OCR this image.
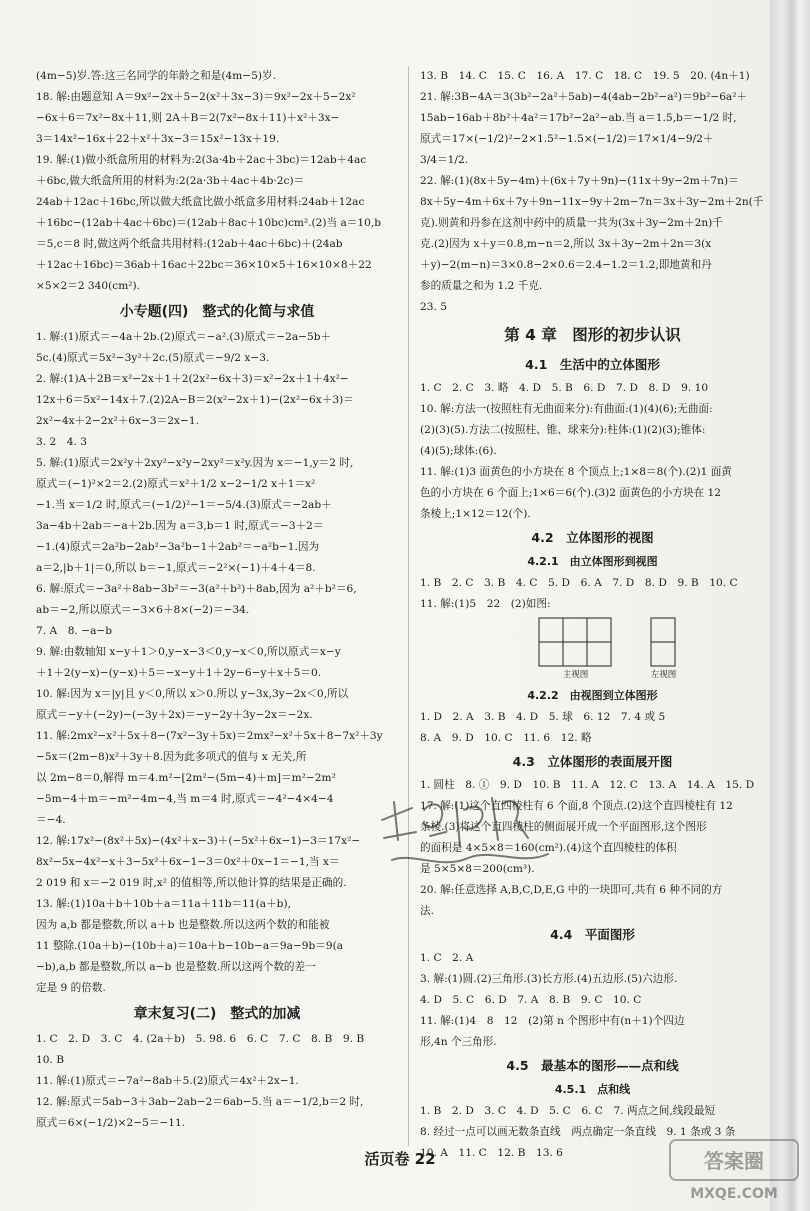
(4m−5)岁.答:这三名同学的年龄之和是(4m−5)岁.
18. 解:由题意知 A＝9x²−2x＋5−2(x²＋3x−3)＝9x²−2x＋5−2x²
−6x＋6＝7x²−8x＋11,则 2A＋B＝2(7x²−8x＋11)＋x²＋3x−
3＝14x²−16x＋22＋x²＋3x−3＝15x²−13x＋19.
19. 解:(1)做小纸盒所用的材料为:2(3a·4b＋2ac＋3bc)＝12ab＋4ac
＋6bc,做大纸盒所用的材料为:2(2a·3b＋4ac＋4b·2c)＝
24ab＋12ac＋16bc,所以做大纸盒比做小纸盒多用材料:24ab＋12ac
＋16bc−(12ab＋4ac＋6bc)＝(12ab＋8ac＋10bc)cm².(2)当 a＝10,b
＝5,c＝8 时,做这两个纸盒共用材料:(12ab＋4ac＋6bc)＋(24ab
＋12ac＋16bc)＝36ab＋16ac＋22bc＝36×10×5＋16×10×8＋22
×5×2＝2 340(cm²).
小专题(四)　整式的化简与求值
1. 解:(1)原式＝−4a＋2b.(2)原式＝−a².(3)原式＝−2a−5b＋
5c.(4)原式＝5x²−3y²＋2c.(5)原式＝−9/2 x−3.
2. 解:(1)A＋2B＝x²−2x＋1＋2(2x²−6x＋3)＝x²−2x＋1＋4x²−
12x＋6＝5x²−14x＋7.(2)2A−B＝2(x²−2x＋1)−(2x²−6x＋3)＝
2x²−4x＋2−2x²＋6x−3＝2x−1.
3. 2　4. 3
5. 解:(1)原式＝2x²y＋2xy²−x²y−2xy²＝x²y.因为 x＝−1,y＝2 时,
原式＝(−1)²×2＝2.(2)原式＝x²＋1/2 x−2−1/2 x＋1＝x²
−1.当 x＝1/2 时,原式＝(−1/2)²−1＝−5/4.(3)原式＝−2ab＋
3a−4b＋2ab＝−a＋2b.因为 a＝3,b＝1 时,原式＝−3＋2＝
−1.(4)原式＝2a²b−2ab²−3a²b−1＋2ab²＝−a²b−1.因为
a＝2,|b＋1|＝0,所以 b＝−1,原式＝−2²×(−1)＋4＋4＝8.
6. 解:原式＝−3a²＋8ab−3b²＝−3(a²＋b²)＋8ab,因为 a²＋b²＝6,
ab＝−2,所以原式＝−3×6＋8×(−2)＝−34.
7. A　8. −a−b
9. 解:由数轴知 x−y＋1＞0,y−x−3＜0,y−x＜0,所以原式＝x−y
＋1＋2(y−x)−(y−x)＋5＝−x−y＋1＋2y−6−y＋x＋5＝0.
10. 解:因为 x＝|y|且 y＜0,所以 x＞0.所以 y−3x,3y−2x＜0,所以
原式＝−y＋(−2y)−(−3y＋2x)＝−y−2y＋3y−2x＝−2x.
11. 解:2mx²−x²＋5x＋8−(7x²−3y＋5x)＝2mx²−x²＋5x＋8−7x²＋3y
−5x＝(2m−8)x²＋3y＋8.因为此多项式的值与 x 无关,所
以 2m−8＝0,解得 m＝4.m²−[2m²−(5m−4)＋m]＝m²−2m²
−5m−4＋m＝−m²−4m−4,当 m＝4 时,原式＝−4²−4×4−4
＝−4.
12. 解:17x²−(8x²＋5x)−(4x²＋x−3)＋(−5x²＋6x−1)−3＝17x²−
8x²−5x−4x²−x＋3−5x²＋6x−1−3＝0x²＋0x−1＝−1,当 x＝
2 019 和 x＝−2 019 时,x² 的值相等,所以他计算的结果是正确的.
13. 解:(1)10a＋b＋10b＋a＝11a＋11b＝11(a＋b),
因为 a,b 都是整数,所以 a＋b 也是整数.所以这两个数的和能被
11 整除.(10a＋b)−(10b＋a)＝10a＋b−10b−a＝9a−9b＝9(a
−b),a,b 都是整数,所以 a−b 也是整数.所以这两个数的差一
定是 9 的倍数.
章末复习(二)　整式的加减
1. C　2. D　3. C　4. (2a＋b)　5. 98. 6　6. C　7. C　8. B　9. B
10. B
11. 解:(1)原式＝−7a²−8ab＋5.(2)原式＝4x²＋2x−1.
12. 解:原式＝5ab−3＋3ab−2ab−2＝6ab−5.当 a＝−1/2,b＝2 时,
原式＝6×(−1/2)×2−5＝−11.
13. B　14. C　15. C　16. A　17. C　18. C　19. 5　20. (4n＋1)
21. 解:3B−4A＝3(3b²−2a²＋5ab)−4(4ab−2b²−a²)＝9b²−6a²＋
15ab−16ab＋8b²＋4a²＝17b²−2a²−ab.当 a＝1.5,b＝−1/2 时,
原式＝17×(−1/2)²−2×1.5²−1.5×(−1/2)＝17×1/4−9/2＋
3/4＝1/2.
22. 解:(1)(8x＋5y−4m)＋(6x＋7y＋9n)−(11x＋9y−2m＋7n)＝
8x＋5y−4m＋6x＋7y＋9n−11x−9y＋2m−7n＝3x＋3y−2m＋2n(千
克).则黄和丹参在这剂中药中的质量一共为(3x＋3y−2m＋2n)千
克.(2)因为 x＋y＝0.8,m−n＝2,所以 3x＋3y−2m＋2n＝3(x
＋y)−2(m−n)＝3×0.8−2×0.6＝2.4−1.2＝1.2,即地黄和丹
参的质量之和为 1.2 千克.
23. 5
第 4 章　图形的初步认识
4.1　生活中的立体图形
1. C　2. C　3. 略　4. D　5. B　6. D　7. D　8. D　9. 10
10. 解:方法一(按照柱有无曲面来分):有曲面:(1)(4)(6);无曲面:
(2)(3)(5).方法二(按照柱、锥、球来分):柱体:(1)(2)(3);锥体:
(4)(5);球体:(6).
11. 解:(1)3 面黄色的小方块在 8 个顶点上;1×8＝8(个).(2)1 面黄
色的小方块在 6 个面上;1×6＝6(个).(3)2 面黄色的小方块在 12
条棱上;1×12＝12(个).
4.2　立体图形的视图
4.2.1　由立体图形到视图
1. B　2. C　3. B　4. C　5. D　6. A　7. D　8. D　9. B　10. C
11. 解:(1)5　22　(2)如图:
主视图	左视图
4.2.2　由视图到立体图形
1. D　2. A　3. B　4. D　5. 球　6. 12　7. 4 或 5
8. A　9. D　10. C　11. 6　12. 略
4.3　立体图形的表面展开图
1. 圆柱　8. ①　9. D　10. B　11. A　12. C　13. A　14. A　15. D
17. 解:(1)这个直四棱柱有 6 个面,8 个顶点.(2)这个直四棱柱有 12
条棱.(3)将这个直四棱柱的侧面展开成一个平面图形,这个图形
的面积是 4×5×8＝160(cm²).(4)这个直四棱柱的体积
是 5×5×8＝200(cm³).
20. 解:任意选择 A,B,C,D,E,G 中的一块即可,共有 6 种不同的方
法.
4.4　平面图形
1. C　2. A
3. 解:(1)圆.(2)三角形.(3)长方形.(4)五边形.(5)六边形.
4. D　5. C　6. D　7. A　8. B　9. C　10. C
11. 解:(1)4　8　12　(2)第 n 个图形中有(n＋1)个四边
形,4n 个三角形.
4.5　最基本的图形——点和线
4.5.1　点和线
1. B　2. D　3. C　4. D　5. C　6. C　7. 两点之间,线段最短
8. 经过一点可以画无数条直线　两点确定一条直线　9. 1 条或 3 条
10. A　11. C　12. B　13. 6
活页卷 22	答案圈
MXQE.COM
